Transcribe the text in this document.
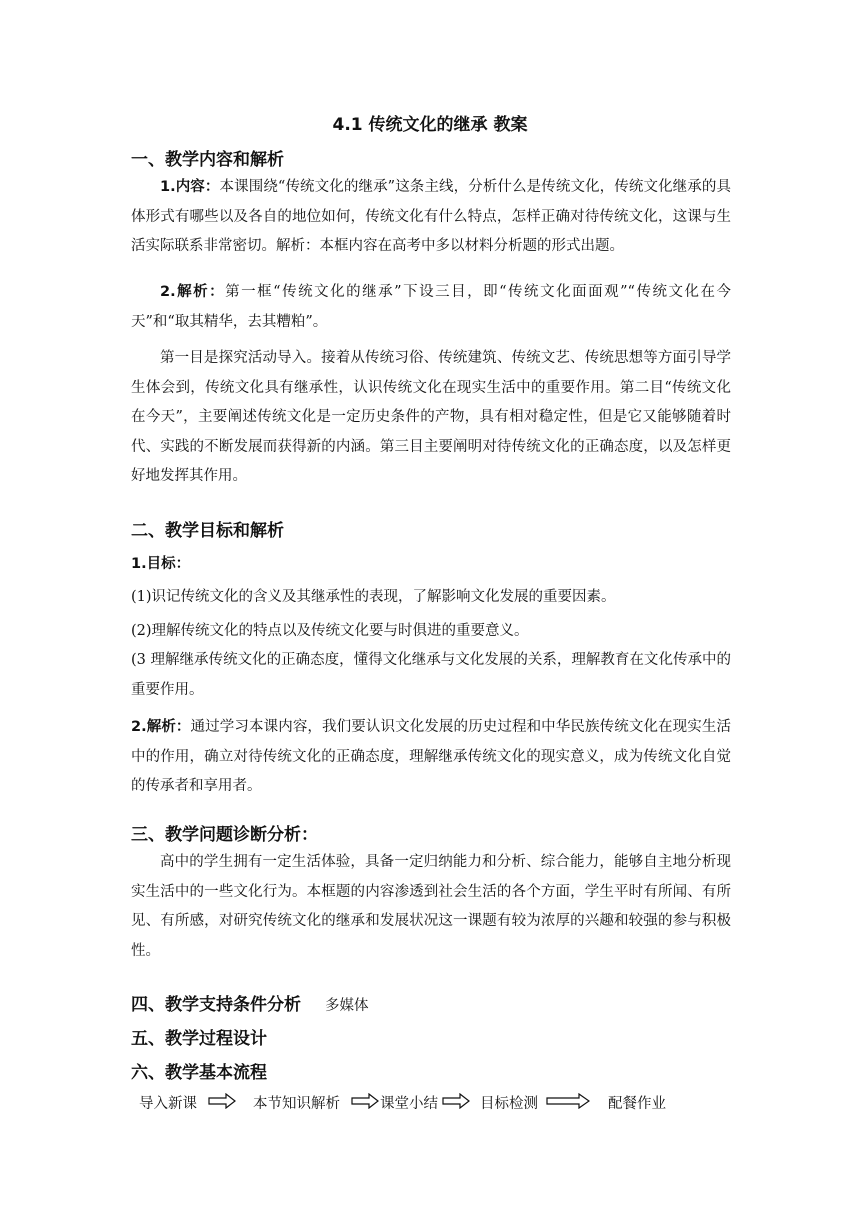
4.1 传统文化的继承 教案
一、教学内容和解析

1.内容：本课围绕“传统文化的继承”这条主线，分析什么是传统文化，传统文化继承的具体形式有哪些以及各自的地位如何，传统文化有什么特点，怎样正确对待传统文化，这课与生活实际联系非常密切。解析：本框内容在高考中多以材料分析题的形式出题。

2.解析：第一框“传统文化的继承”下设三目，即“传统文化面面观”“传统文化在今天”和“取其精华，去其糟粕”。

第一目是探究活动导入。接着从传统习俗、传统建筑、传统文艺、传统思想等方面引导学生体会到，传统文化具有继承性，认识传统文化在现实生活中的重要作用。第二目“传统文化在今天”，主要阐述传统文化是一定历史条件的产物，具有相对稳定性，但是它又能够随着时代、实践的不断发展而获得新的内涵。第三目主要阐明对待传统文化的正确态度，以及怎样更好地发挥其作用。

二、教学目标和解析
1.目标：
(1)识记传统文化的含义及其继承性的表现，了解影响文化发展的重要因素。
(2)理解传统文化的特点以及传统文化要与时俱进的重要意义。

(3 理解继承传统文化的正确态度，懂得文化继承与文化发展的关系，理解教育在文化传承中的重要作用。

2.解析：通过学习本课内容，我们要认识文化发展的历史过程和中华民族传统文化在现实生活中的作用，确立对待传统文化的正确态度，理解继承传统文化的现实意义，成为传统文化自觉的传承者和享用者。

三、教学问题诊断分析：

高中的学生拥有一定生活体验，具备一定归纳能力和分析、综合能力，能够自主地分析现实生活中的一些文化行为。本框题的内容渗透到社会生活的各个方面，学生平时有所闻、有所见、有所感，对研究传统文化的继承和发展状况这一课题有较为浓厚的兴趣和较强的参与积极性。

四、教学支持条件分析 多媒体
五、教学过程设计
六、教学基本流程
导入新课	本节知识解析	课堂小结	目标检测	配餐作业
